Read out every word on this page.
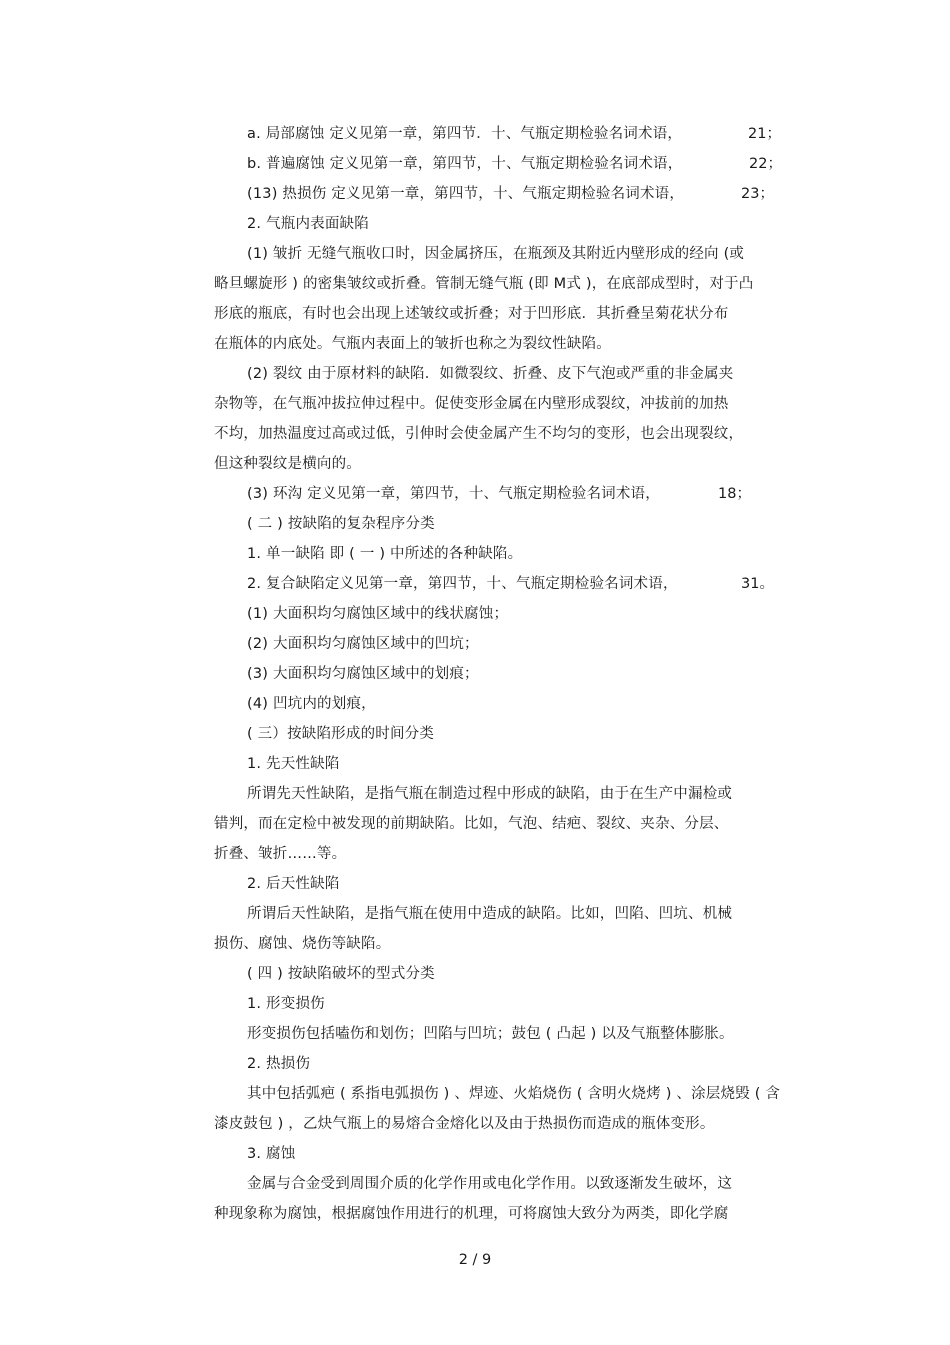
a. 局部腐蚀 定义见第一章，第四节．十、气瓶定期检验名词术语，	21；
b. 普遍腐蚀 定义见第一章，第四节，十、气瓶定期检验名词术语，	22；
(13) 热损伤 定义见第一章，第四节，十、气瓶定期检验名词术语，	23；
2. 气瓶内表面缺陷
(1) 皱折 无缝气瓶收口时，因金属挤压，在瓶颈及其附近内壁形成的经向 (或
略旦螺旋形 ) 的密集皱纹或折叠。管制无缝气瓶 (即 M式 )，在底部成型时，对于凸
形底的瓶底，有时也会出现上述皱纹或折叠；对于凹形底．其折叠呈菊花状分布
在瓶体的内底处。气瓶内表面上的皱折也称之为裂纹性缺陷。
(2) 裂纹 由于原材料的缺陷．如微裂纹、折叠、皮下气泡或严重的非金属夹
杂物等，在气瓶冲拔拉伸过程中。促使变形金属在内壁形成裂纹，冲拔前的加热
不均，加热温度过高或过低，引伸时会使金属产生不均匀的变形，也会出现裂纹，
但这种裂纹是横向的。
(3) 环沟 定义见第一章，第四节，十、气瓶定期检验名词术语，	18；
( 二 ) 按缺陷的复杂程序分类
1. 单一缺陷 即 ( 一 ) 中所述的各种缺陷。
2. 复合缺陷定义见第一章，第四节，十、气瓶定期检验名词术语，	31。
(1) 大面积均匀腐蚀区域中的线状腐蚀；
(2) 大面积均匀腐蚀区域中的凹坑；
(3) 大面积均匀腐蚀区域中的划痕；
(4) 凹坑内的划痕，
( 三）按缺陷形成的时间分类
1. 先天性缺陷
所谓先天性缺陷，是指气瓶在制造过程中形成的缺陷，由于在生产中漏检或
错判，而在定检中被发现的前期缺陷。比如，气泡、结疤、裂纹、夹杂、分层、
折叠、皱折……等。
2. 后天性缺陷
所谓后天性缺陷，是指气瓶在使用中造成的缺陷。比如，凹陷、凹坑、机械
损伤、腐蚀、烧伤等缺陷。
( 四 ) 按缺陷破坏的型式分类
1. 形变损伤
形变损伤包括嗑伤和划伤；凹陷与凹坑；鼓包 ( 凸起 ) 以及气瓶整体膨胀。
2. 热损伤
其中包括弧疤 ( 系指电弧损伤 ) 、焊迹、火焰烧伤 ( 含明火烧烤 ) 、涂层烧毁 ( 含
漆皮鼓包 ) ，乙炔气瓶上的易熔合金熔化以及由于热损伤而造成的瓶体变形。
3. 腐蚀
金属与合金受到周围介质的化学作用或电化学作用。以致逐渐发生破坏，这
种现象称为腐蚀，根据腐蚀作用进行的机理，可将腐蚀大致分为两类，即化学腐
2 / 9
